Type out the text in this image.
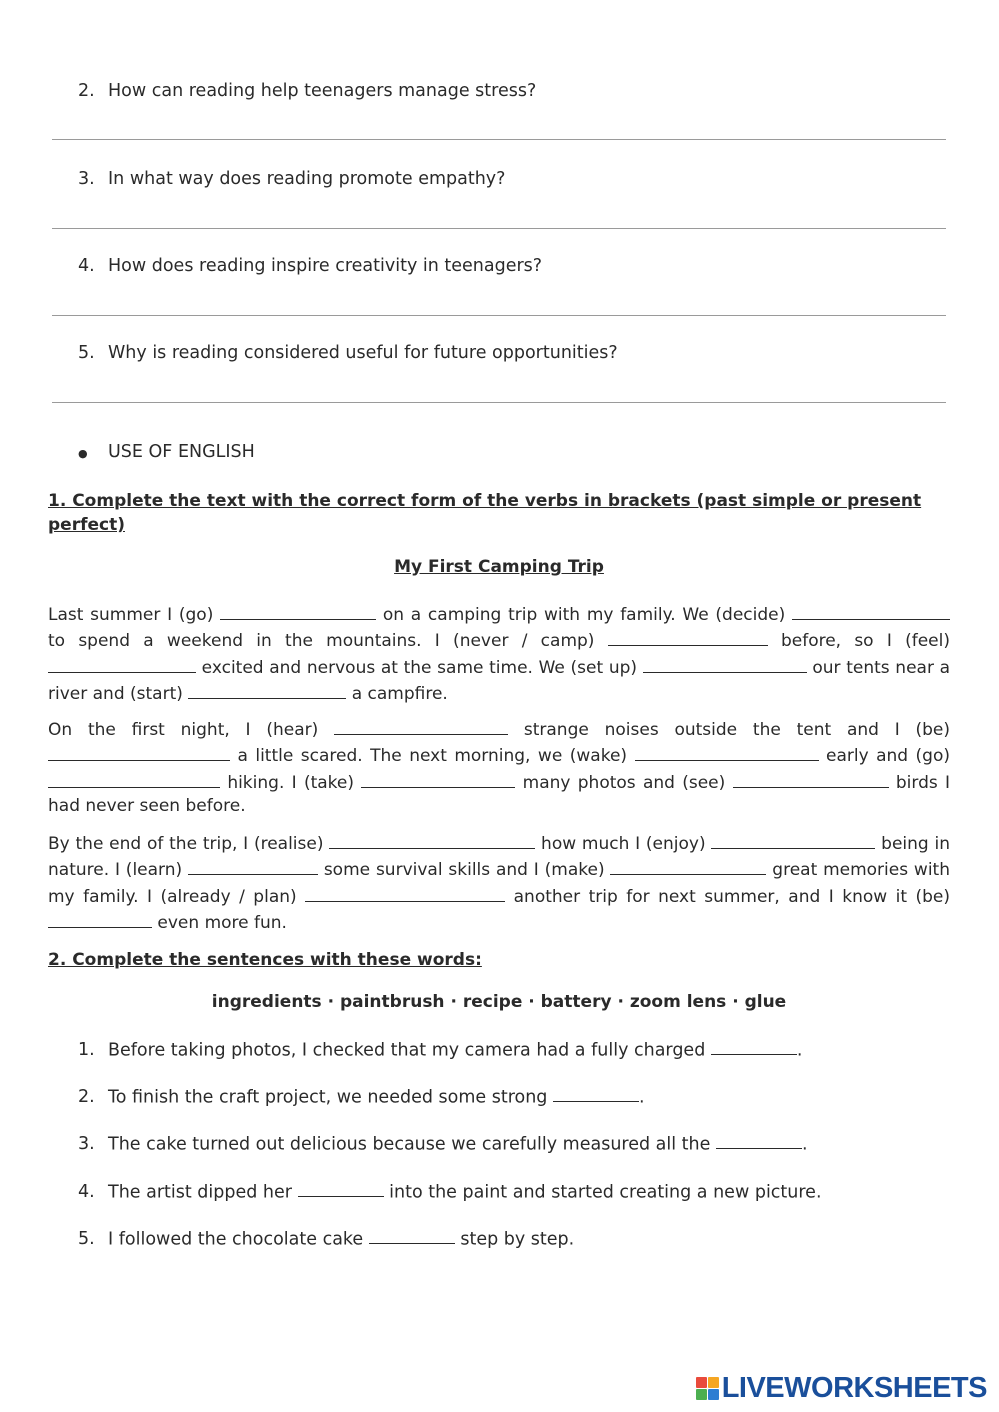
2. How can reading help teenagers manage stress?
3. In what way does reading promote empathy?
4. How does reading inspire creativity in teenagers?
5. Why is reading considered useful for future opportunities?
● USE OF ENGLISH
1. Complete the text with the correct form of the verbs in brackets (past simple or present perfect)
My First Camping Trip
Last summer I (go)	on a camping trip with my family. We (decide)  to spend a weekend in the mountains. I (never / camp)	before, so I (feel)  excited and nervous at the same time. We (set up)	our tents near a river and (start)	a campfire.
On the first night, I (hear)	strange noises outside the tent and I (be)  a little scared. The next morning, we (wake)	early and (go)  hiking. I (take)	many photos and (see)	birds I had never seen before.
By the end of the trip, I (realise)	how much I (enjoy)	being in nature. I (learn)	some survival skills and I (make)	great memories with my family. I (already / plan)	another trip for next summer, and I know it (be)  even more fun.
2. Complete the sentences with these words:
ingredients · paintbrush · recipe · battery · zoom lens · glue
1. Before taking photos, I checked that my camera had a fully charged	.
2. To finish the craft project, we needed some strong	.
3. The cake turned out delicious because we carefully measured all the	.
4. The artist dipped her	into the paint and started creating a new picture.
5. I followed the chocolate cake	step by step.
LIVEWORKSHEETS
